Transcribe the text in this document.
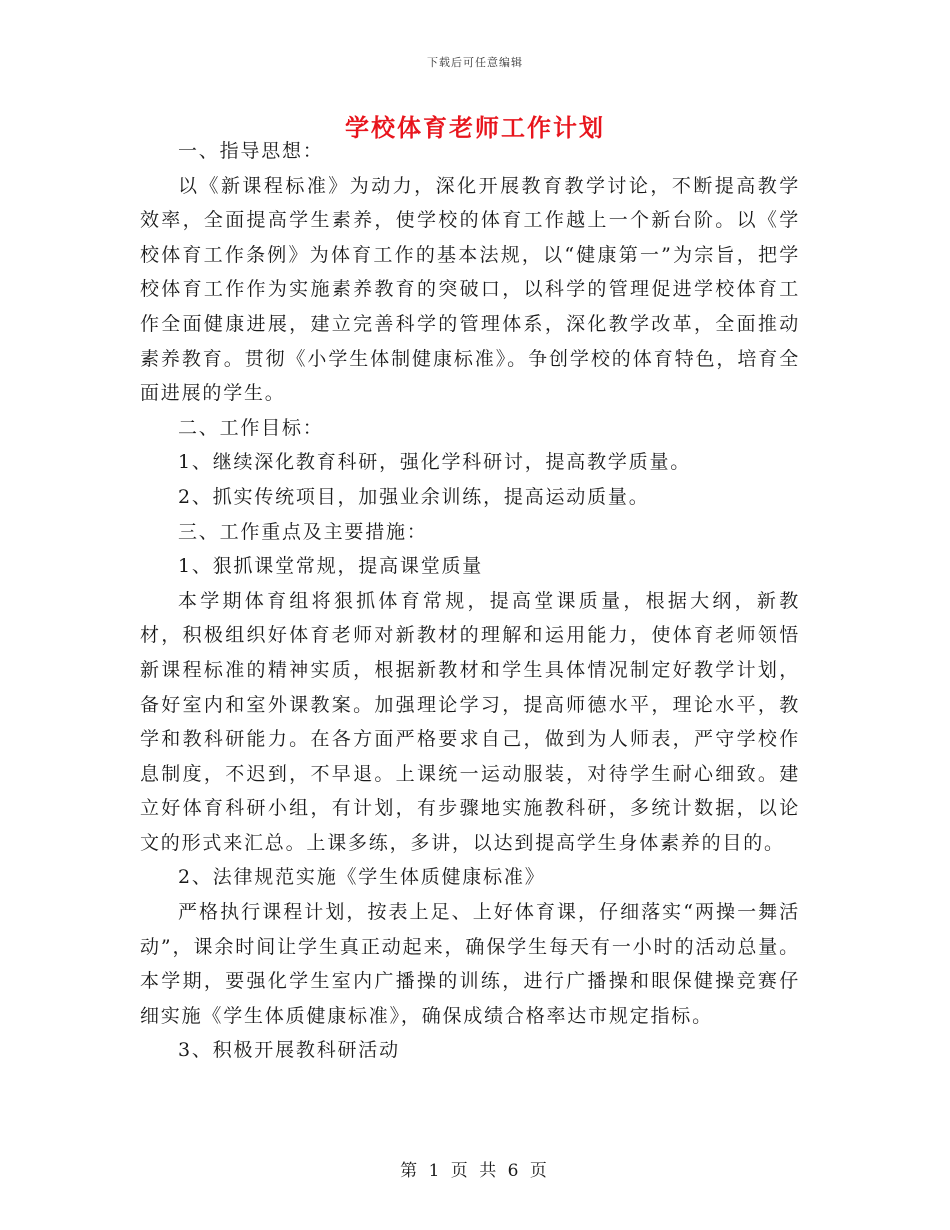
下载后可任意编辑
学校体育老师工作计划

一、指导思想：

以《新课程标准》为动力，深化开展教育教学讨论，不断提高教学效率，全面提高学生素养，使学校的体育工作越上一个新台阶。以《学校体育工作条例》为体育工作的基本法规，以“健康第一”为宗旨，把学校体育工作作为实施素养教育的突破口，以科学的管理促进学校体育工作全面健康进展，建立完善科学的管理体系，深化教学改革，全面推动素养教育。贯彻《小学生体制健康标准》。争创学校的体育特色，培育全面进展的学生。

二、工作目标：

1、继续深化教育科研，强化学科研讨，提高教学质量。

2、抓实传统项目，加强业余训练，提高运动质量。

三、工作重点及主要措施：

1、狠抓课堂常规，提高课堂质量

本学期体育组将狠抓体育常规，提高堂课质量，根据大纲，新教材，积极组织好体育老师对新教材的理解和运用能力，使体育老师领悟新课程标准的精神实质，根据新教材和学生具体情况制定好教学计划，备好室内和室外课教案。加强理论学习，提高师德水平，理论水平，教学和教科研能力。在各方面严格要求自己，做到为人师表，严守学校作息制度，不迟到，不早退。上课统一运动服装，对待学生耐心细致。建立好体育科研小组，有计划，有步骤地实施教科研，多统计数据，以论文的形式来汇总。上课多练，多讲，以达到提高学生身体素养的目的。

2、法律规范实施《学生体质健康标准》

严格执行课程计划，按表上足、上好体育课，仔细落实“两操一舞活动”，课余时间让学生真正动起来，确保学生每天有一小时的活动总量。本学期，要强化学生室内广播操的训练，进行广播操和眼保健操竞赛仔细实施《学生体质健康标准》，确保成绩合格率达市规定指标。

3、积极开展教科研活动

第 1 页 共 6 页
